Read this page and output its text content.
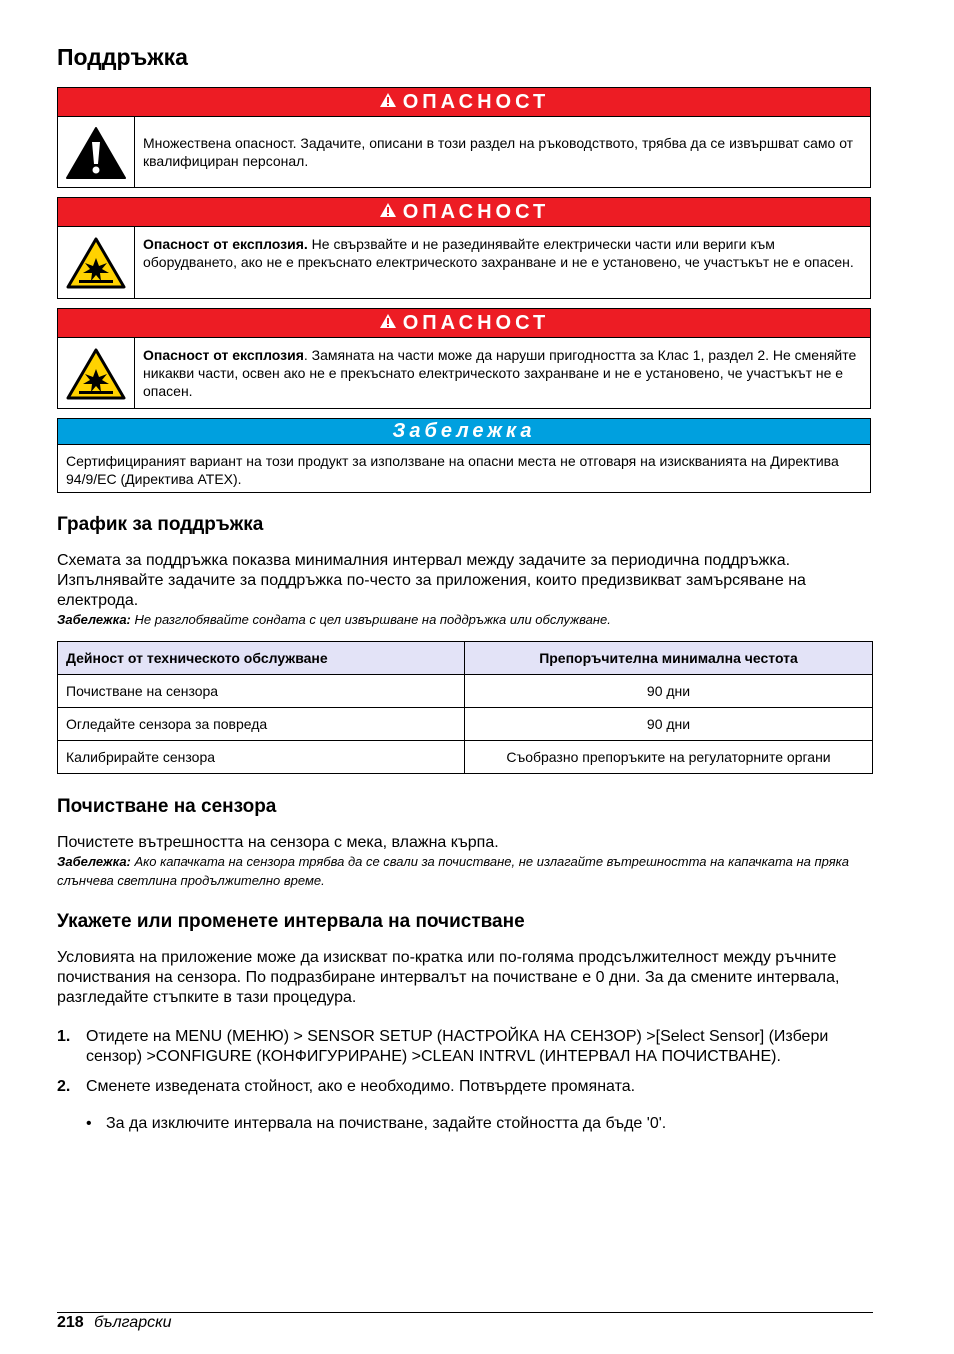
Поддръжка
ОПАСНОСТ
Множествена опасност. Задачите, описани в този раздел на ръководството, трябва да се извършват само от квалифициран персонал.
ОПАСНОСТ
Опасност от експлозия. Не свързвайте и не разединявайте електрически части или вериги към оборудването, ако не е прекъснато електрическото захранване и не е установено, че участъкът не е опасен.
ОПАСНОСТ
Опасност от експлозия. Замяната на части може да наруши пригодността за Клас 1, раздел 2. Не сменяйте никакви части, освен ако не е прекъснато електрическото захранване и не е установено, че участъкът не е опасен.
Забележка
Сертифицираният вариант на този продукт за използване на опасни места не отговаря на изискванията на Директива 94/9/EC (Директива ATEX).
График за поддръжка

Схемата за поддръжка показва минималния интервал между задачите за периодична поддръжка. Изпълнявайте задачите за поддръжка по-често за приложения, които предизвикват замърсяване на електрода.

Забележка: Не разглобявайте сондата с цел извършване на поддръжка или обслужване.

Дейност от техническото обслужване	Препоръчителна минимална честота
Почистване на сензора	90 дни
Огледайте сензора за повреда	90 дни
Калибрирайте сензора	Съобразно препоръките на регулаторните органи
Почистване на сензора

Почистете вътрешността на сензора с мека, влажна кърпа.

Забележка: Ако капачката на сензора трябва да се свали за почистване, не излагайте вътрешността на капачката на пряка слънчева светлина продължително време.

Укажете или променете интервала на почистване

Условията на приложение може да изискват по-кратка или по-голяма продсължителност между ръчните почиствания на сензора. По подразбиране интервалът на почистване е 0 дни. За да смените интервала, разгледайте стъпките в тази процедура.

1. Отидете на MENU (МЕНЮ) > SENSOR SETUP (НАСТРОЙКА НА СЕНЗОР) >[Select Sensor] (Избери сензор) >CONFIGURE (КОНФИГУРИРАНЕ) >CLEAN INTRVL (ИНТЕРВАЛ НА ПОЧИСТВАНЕ).
2. Сменете изведената стойност, ако е необходимо. Потвърдете промяната.
• За да изключите интервала на почистване, задайте стойността да бъде '0'.
218 български
